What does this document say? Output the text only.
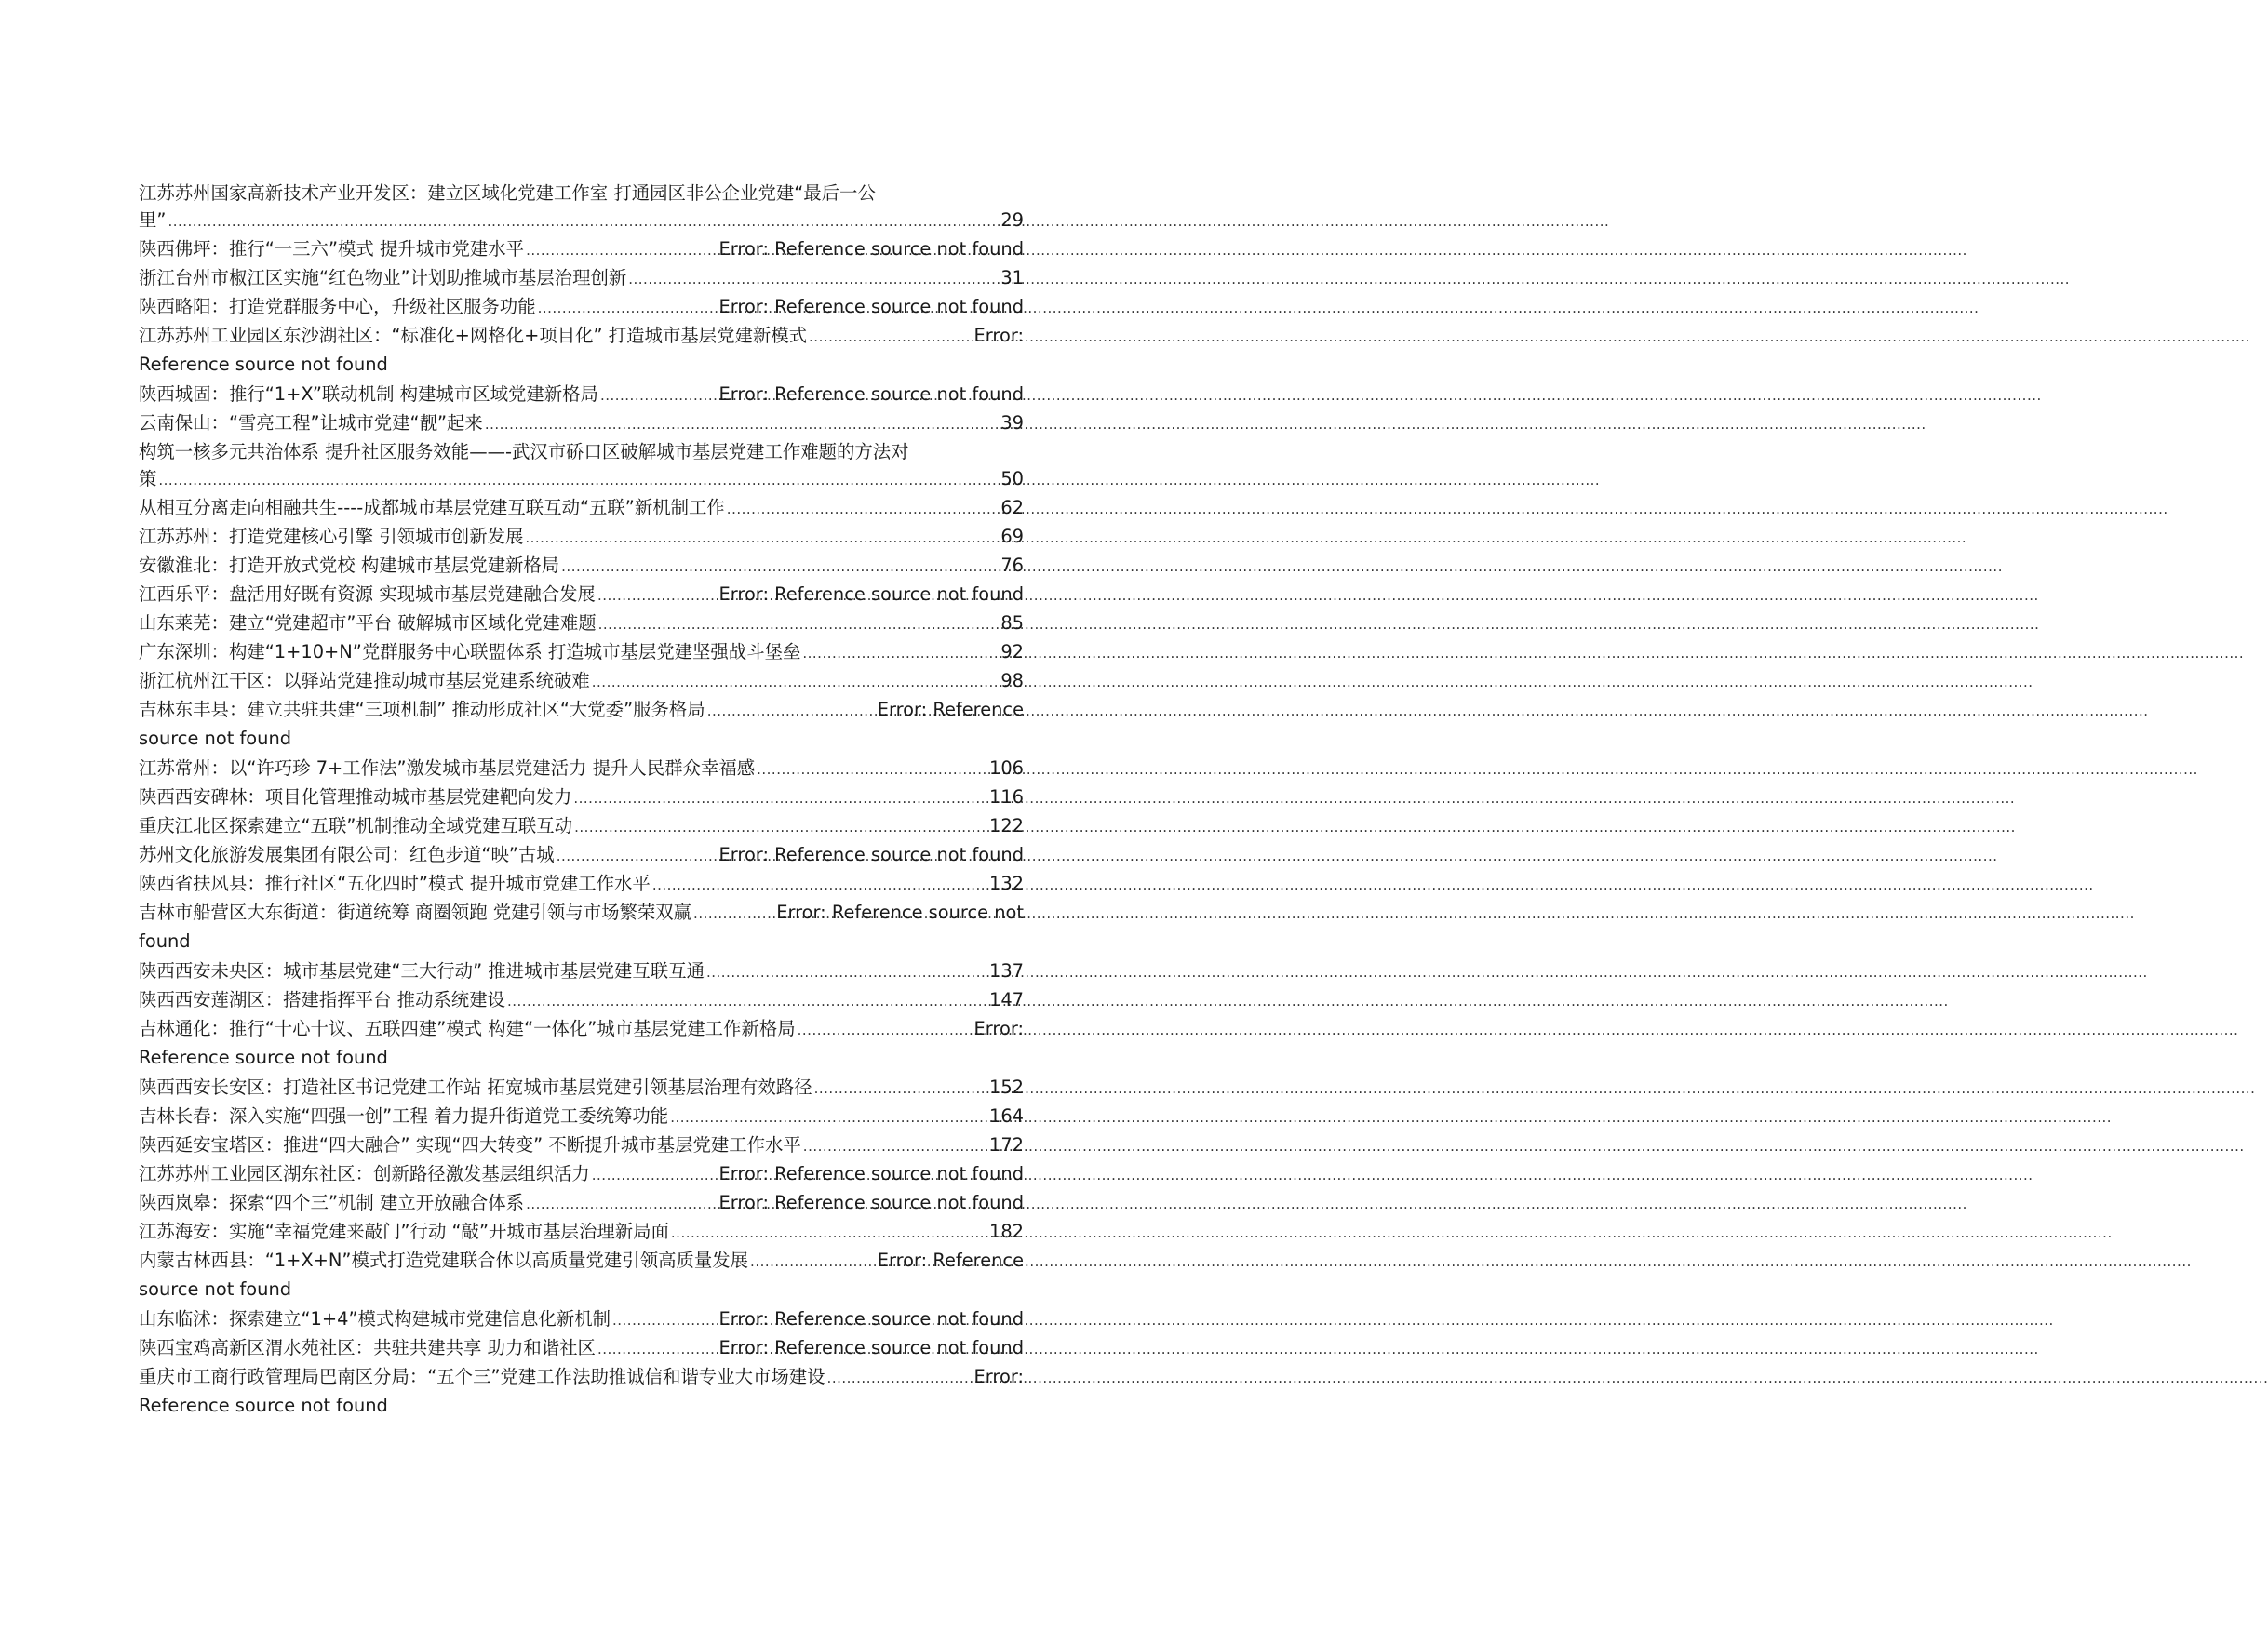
江苏苏州国家高新技术产业开发区：建立区域化党建工作室 打通园区非公企业党建“最后一公
里” .....	29
陕西佛坪：推行“一三六”模式 提升城市党建水平 .....	Error: Reference source not found
浙江台州市椒江区实施“红色物业”计划助推城市基层治理创新 .....	31
陕西略阳：打造党群服务中心，升级社区服务功能 .....	Error: Reference source not found
江苏苏州工业园区东沙湖社区：“标准化+网格化+项目化” 打造城市基层党建新模式 .....	Error:
Reference source not found
陕西城固：推行“1+X”联动机制 构建城市区域党建新格局 .....	Error: Reference source not found
云南保山：“雪亮工程”让城市党建“靓”起来 .....	39
构筑一核多元共治体系 提升社区服务效能——-武汉市硚口区破解城市基层党建工作难题的方法对
策 .....	50
从相互分离走向相融共生----成都城市基层党建互联互动“五联”新机制工作 .....	62
江苏苏州：打造党建核心引擎 引领城市创新发展 .....	69
安徽淮北：打造开放式党校 构建城市基层党建新格局 .....	76
江西乐平：盘活用好既有资源 实现城市基层党建融合发展 .....	Error: Reference source not found
山东莱芜：建立“党建超市”平台 破解城市区域化党建难题 .....	85
广东深圳：构建“1+10+N”党群服务中心联盟体系 打造城市基层党建坚强战斗堡垒 .....	92
浙江杭州江干区：以驿站党建推动城市基层党建系统破难 .....	98
吉林东丰县：建立共驻共建“三项机制” 推动形成社区“大党委”服务格局 .....	Error: Reference
source not found
江苏常州：以“许巧珍 7+工作法”激发城市基层党建活力 提升人民群众幸福感 .....	106
陕西西安碑林：项目化管理推动城市基层党建靶向发力 .....	116
重庆江北区探索建立“五联”机制推动全域党建互联互动 .....	122
苏州文化旅游发展集团有限公司：红色步道“映”古城 .....	Error: Reference source not found
陕西省扶风县：推行社区“五化四时”模式 提升城市党建工作水平 .....	132
吉林市船营区大东街道：街道统筹 商圈领跑 党建引领与市场繁荣双赢 .....	Error: Reference source not
found
陕西西安未央区：城市基层党建“三大行动” 推进城市基层党建互联互通 .....	137
陕西西安莲湖区：搭建指挥平台 推动系统建设 .....	147
吉林通化：推行“十心十议、五联四建”模式 构建“一体化”城市基层党建工作新格局 .....	Error:
Reference source not found
陕西西安长安区：打造社区书记党建工作站 拓宽城市基层党建引领基层治理有效路径 .....	152
吉林长春：深入实施“四强一创”工程 着力提升街道党工委统筹功能 .....	164
陕西延安宝塔区：推进“四大融合” 实现“四大转变” 不断提升城市基层党建工作水平 .....	172
江苏苏州工业园区湖东社区：创新路径激发基层组织活力 .....	Error: Reference source not found
陕西岚皋：探索“四个三”机制 建立开放融合体系 .....	Error: Reference source not found
江苏海安：实施“幸福党建来敲门”行动 “敲”开城市基层治理新局面 .....	182
内蒙古林西县：“1+X+N”模式打造党建联合体以高质量党建引领高质量发展 .....	Error: Reference
source not found
山东临沭：探索建立“1+4”模式构建城市党建信息化新机制 .....	Error: Reference source not found
陕西宝鸡高新区渭水苑社区：共驻共建共享 助力和谐社区 .....	Error: Reference source not found
重庆市工商行政管理局巴南区分局：“五个三”党建工作法助推诚信和谐专业大市场建设 .....	Error:
Reference source not found
